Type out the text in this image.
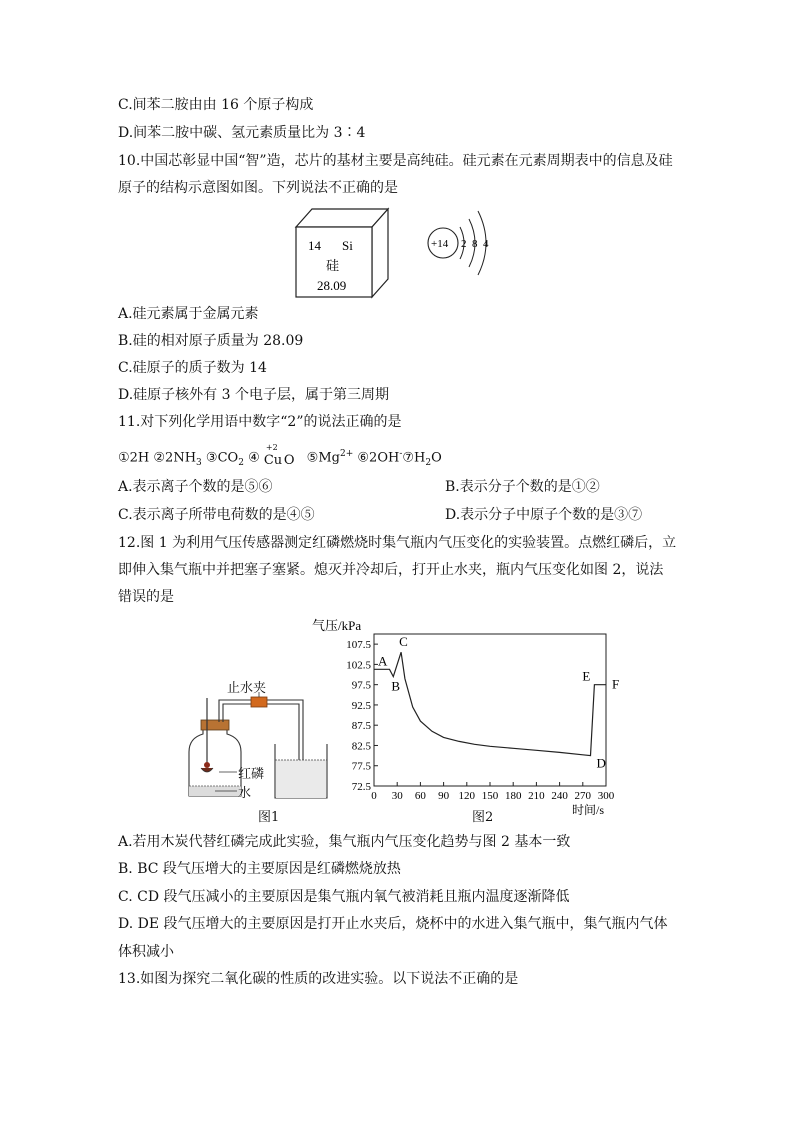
C.间苯二胺由由 16 个原子构成
D.间苯二胺中碳、氢元素质量比为 3∶4
10.中国芯彰显中国“智”造，芯片的基材主要是高纯硅。硅元素在元素周期表中的信息及硅
原子的结构示意图如图。下列说法不正确的是
14 Si
硅
28.09
+14 2 8 4
A.硅元素属于金属元素
B.硅的相对原子质量为 28.09
C.硅原子的质子数为 14
D.硅原子核外有 3 个电子层，属于第三周期
11.对下列化学用语中数字“2”的说法正确的是
①2H $②2NH_3$ $③CO_2$ ④
+2
Cu O $⑤Mg^{2+}$ $⑥2OH^-⑦H_2O$
A.表示离子个数的是⑤⑥	B.表示分子个数的是①②
C.表示离子所带电荷数的是④⑤	D.表示分子中原子个数的是③⑦
12.图 1 为利用气压传感器测定红磷燃烧时集气瓶内气压变化的实验装置。点燃红磷后，立
即伸入集气瓶中并把塞子塞紧。熄灭并冷却后，打开止水夹，瓶内气压变化如图 2，说法
错误的是
止水夹
红磷
水
图1
气压/kPa
时间/s
0 30 60 90 120 150 180 210 240 270 300
72.5
77.5
82.5
87.5
92.5
97.5
102.5
107.5
A
B
C
D
E
F
图2
A.若用木炭代替红磷完成此实验，集气瓶内气压变化趋势与图 2 基本一致
B. BC 段气压增大的主要原因是红磷燃烧放热
C. CD 段气压减小的主要原因是集气瓶内氧气被消耗且瓶内温度逐渐降低
D. DE 段气压增大的主要原因是打开止水夹后，烧杯中的水进入集气瓶中，集气瓶内气体
体积减小
13.如图为探究二氧化碳的性质的改进实验。以下说法不正确的是
